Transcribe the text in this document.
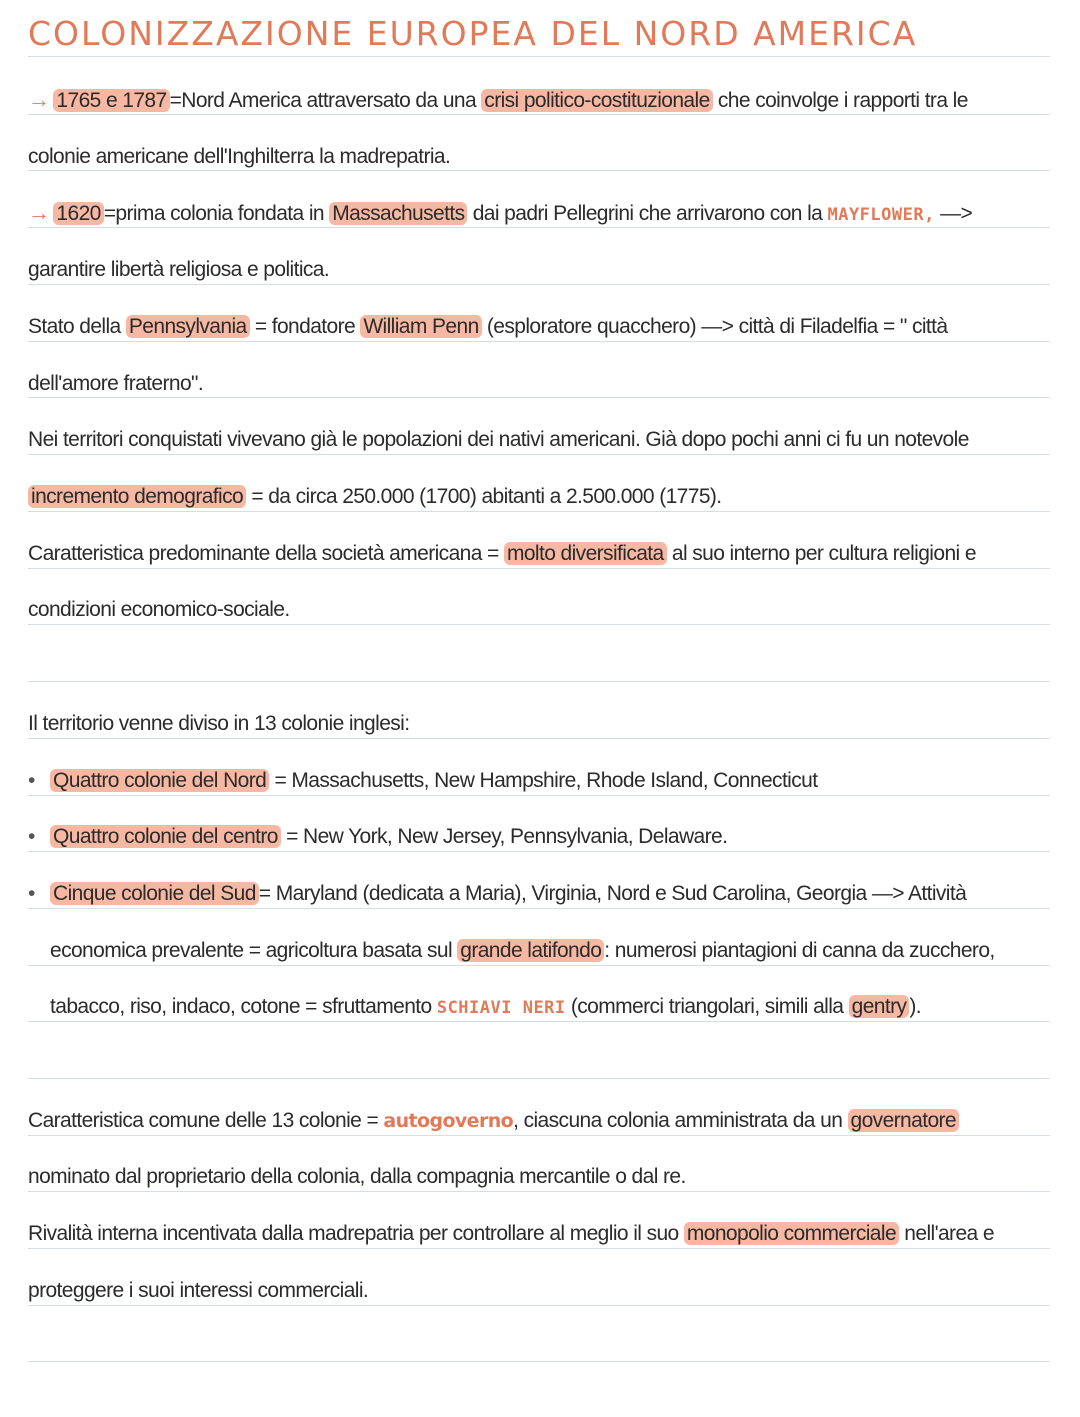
COLONIZZAZIONE EUROPEA DEL NORD AMERICA
→ 1765 e 1787 =Nord America attraversato da una crisi politico-costituzionale che coinvolge i rapporti tra le
colonie americane dell'Inghilterra la madrepatria.
→ 1620 =prima colonia fondata in Massachusetts dai padri Pellegrini che arrivarono con la MAYFLOWER, —>
garantire libertà religiosa e politica.
Stato della Pennsylvania = fondatore William Penn (esploratore quacchero) —> città di Filadelfia = " città
dell'amore fraterno".
Nei territori conquistati vivevano già le popolazioni dei nativi americani. Già dopo pochi anni ci fu un notevole
incremento demografico = da circa 250.000 (1700) abitanti a 2.500.000 (1775).
Caratteristica predominante della società americana = molto diversificata al suo interno per cultura religioni e
condizioni economico-sociale.
Il territorio venne diviso in 13 colonie inglesi:
• Quattro colonie del Nord = Massachusetts, New Hampshire, Rhode Island, Connecticut
• Quattro colonie del centro = New York, New Jersey, Pennsylvania, Delaware.
• Cinque colonie del Sud = Maryland (dedicata a Maria), Virginia, Nord e Sud Carolina, Georgia —> Attività
economica prevalente = agricoltura basata sul grande latifondo : numerosi piantagioni di canna da zucchero,
tabacco, riso, indaco, cotone = sfruttamento SCHIAVI NERI (commerci triangolari, simili alla gentry ).
Caratteristica comune delle 13 colonie = autogoverno, ciascuna colonia amministrata da un governatore
nominato dal proprietario della colonia, dalla compagnia mercantile o dal re.
Rivalità interna incentivata dalla madrepatria per controllare al meglio il suo monopolio commerciale nell'area e
proteggere i suoi interessi commerciali.
